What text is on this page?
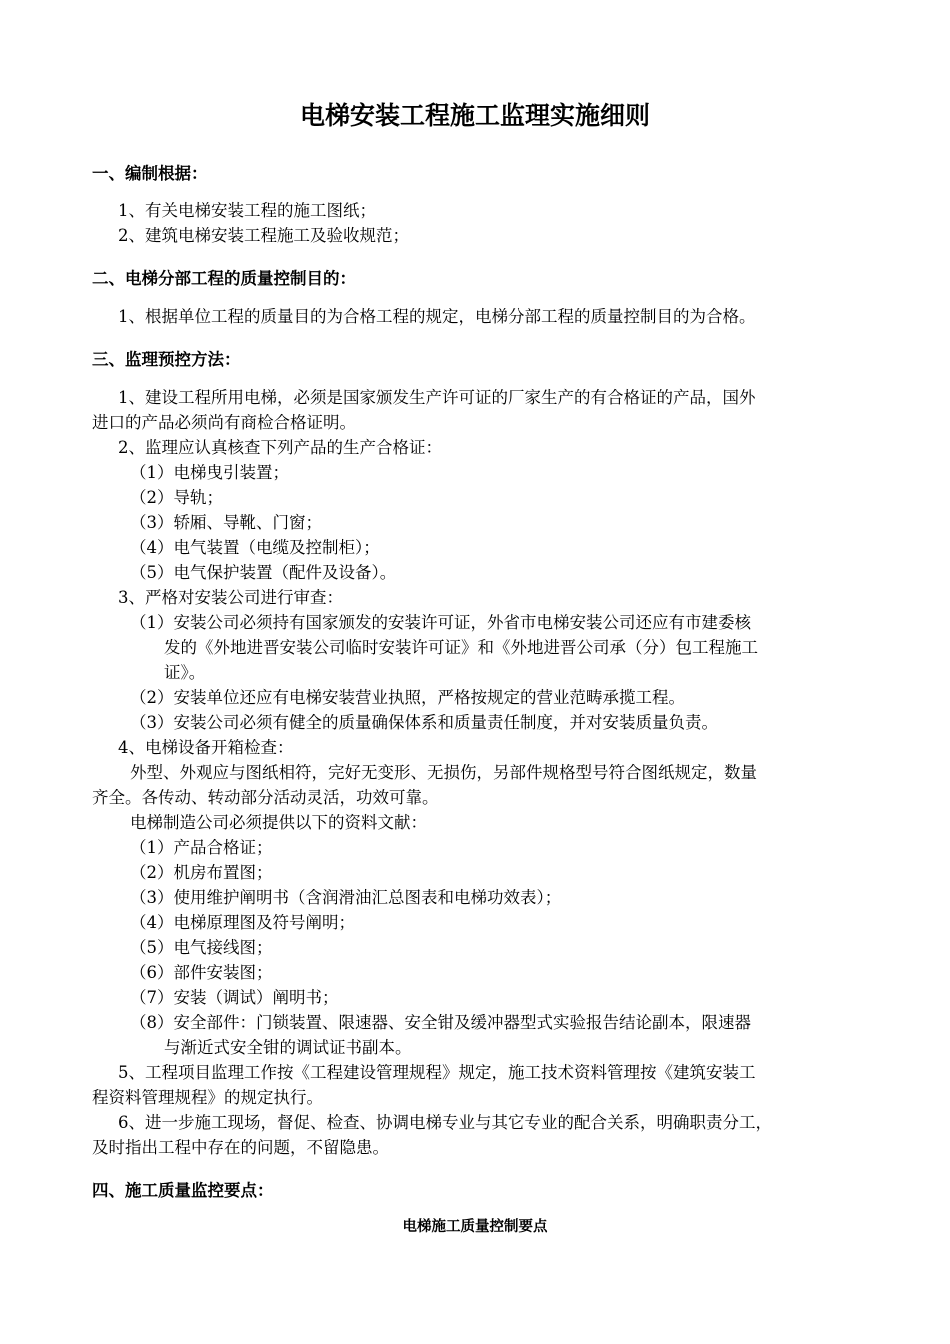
电梯安装工程施工监理实施细则
一、编制根据：
1、有关电梯安装工程的施工图纸；
2、建筑电梯安装工程施工及验收规范；
二、电梯分部工程的质量控制目的：
1、根据单位工程的质量目的为合格工程的规定，电梯分部工程的质量控制目的为合格。
三、监理预控方法：
1、建设工程所用电梯，必须是国家颁发生产许可证的厂家生产的有合格证的产品，国外
进口的产品必须尚有商检合格证明。
2、监理应认真核查下列产品的生产合格证：
（1）电梯曳引装置；
（2）导轨；
（3）轿厢、导靴、门窗；
（4）电气装置（电缆及控制柜）；
（5）电气保护装置（配件及设备）。
3、严格对安装公司进行审查：
（1）安装公司必须持有国家颁发的安装许可证，外省市电梯安装公司还应有市建委核
发的《外地进晋安装公司临时安装许可证》和《外地进晋公司承（分）包工程施工
证》。
（2）安装单位还应有电梯安装营业执照，严格按规定的营业范畴承揽工程。
（3）安装公司必须有健全的质量确保体系和质量责任制度，并对安装质量负责。
4、电梯设备开箱检查：
外型、外观应与图纸相符，完好无变形、无损伤，另部件规格型号符合图纸规定，数量
齐全。各传动、转动部分活动灵活，功效可靠。
电梯制造公司必须提供以下的资料文献：
（1）产品合格证；
（2）机房布置图；
（3）使用维护阐明书（含润滑油汇总图表和电梯功效表）；
（4）电梯原理图及符号阐明；
（5）电气接线图；
（6）部件安装图；
（7）安装（调试）阐明书；
（8）安全部件：门锁装置、限速器、安全钳及缓冲器型式实验报告结论副本，限速器
与渐近式安全钳的调试证书副本。
5、工程项目监理工作按《工程建设管理规程》规定，施工技术资料管理按《建筑安装工
程资料管理规程》的规定执行。
6、进一步施工现场，督促、检查、协调电梯专业与其它专业的配合关系，明确职责分工，
及时指出工程中存在的问题，不留隐患。
四、施工质量监控要点：
电梯施工质量控制要点
